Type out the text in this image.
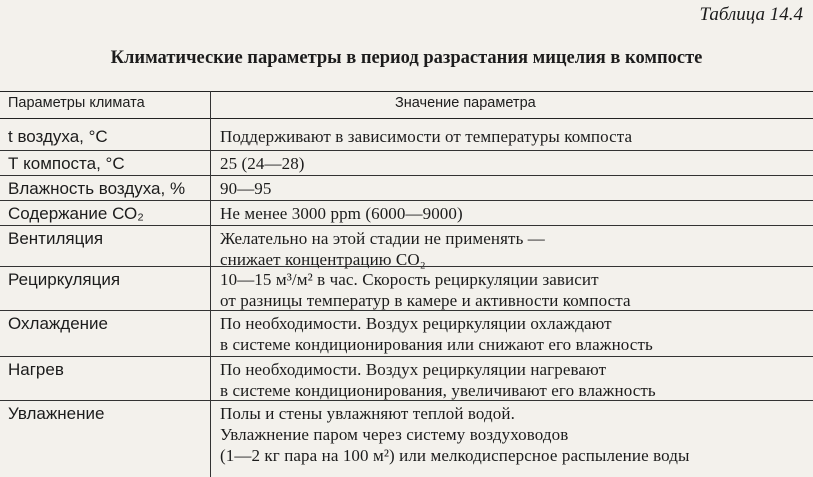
Таблица 14.4
Климатические параметры в период разрастания мицелия в компосте
Параметры климата	Значение параметра
t воздуха, °С	Поддерживают в зависимости от температуры компоста
Т компоста, °С	25 (24—28)
Влажность воздуха, % 90—95
Содержание СО₂	Не менее 3000 ppm (6000—9000)
Вентиляция	Желательно на этой стадии не применять —
снижает концентрацию СО₂
Рециркуляция	10—15 м³/м² в час. Скорость рециркуляции зависит
от разницы температур в камере и активности компоста
Охлаждение	По необходимости. Воздух рециркуляции охлаждают
в системе кондиционирования или снижают его влажность
Нагрев	По необходимости. Воздух рециркуляции нагревают
в системе кондиционирования, увеличивают его влажность
Увлажнение	Полы и стены увлажняют теплой водой.
Увлажнение паром через систему воздуховодов
(1—2 кг пара на 100 м²) или мелкодисперсное распыление воды
